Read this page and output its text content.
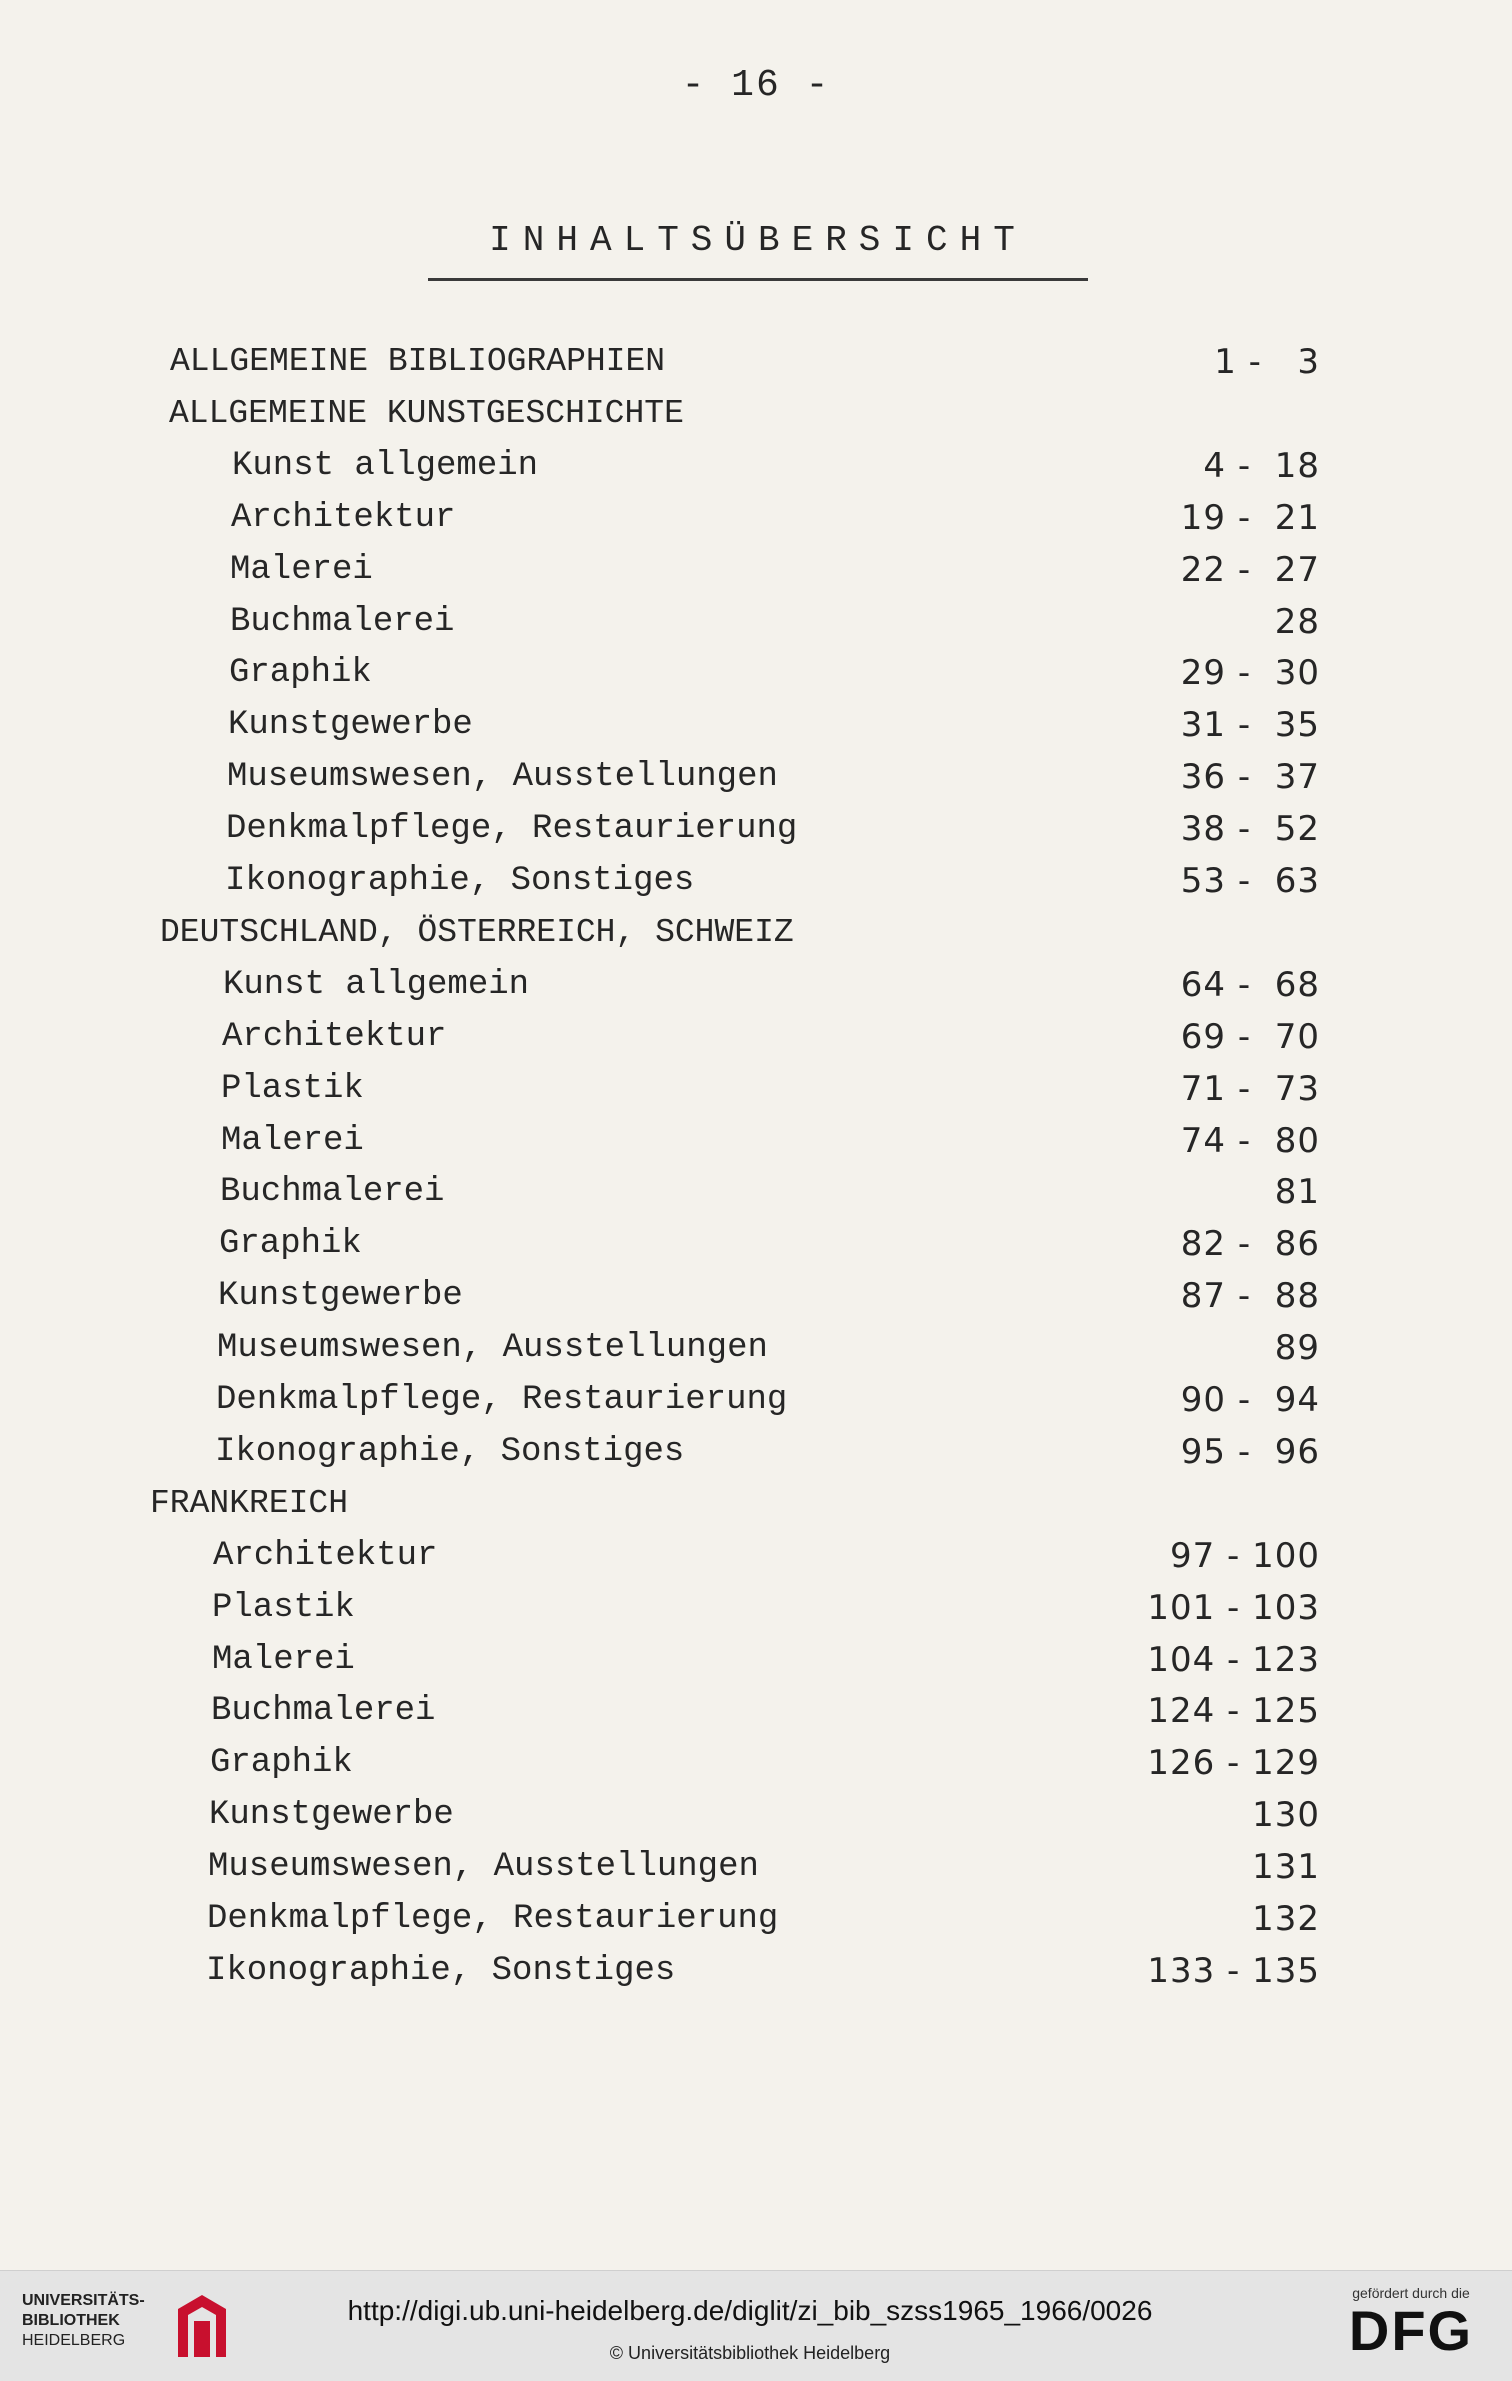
- 16 -
INHALTSÜBERSICHT
ALLGEMEINE BIBLIOGRAPHIEN	1 -   3
ALLGEMEINE KUNSTGESCHICHTE
Kunst allgemein	4 -  18
Architektur	19 -  21
Malerei	22 -  27
Buchmalerei	28
Graphik	29 -  30
Kunstgewerbe	31 -  35
Museumswesen, Ausstellungen	36 -  37
Denkmalpflege, Restaurierung	38 -  52
Ikonographie, Sonstiges	53 -  63
DEUTSCHLAND, ÖSTERREICH, SCHWEIZ
Kunst allgemein	64 -  68
Architektur	69 -  70
Plastik	71 -  73
Malerei	74 -  80
Buchmalerei	81
Graphik	82 -  86
Kunstgewerbe	87 -  88
Museumswesen, Ausstellungen	89
Denkmalpflege, Restaurierung	90 -  94
Ikonographie, Sonstiges	95 -  96
FRANKREICH
Architektur	97 - 100
Plastik	101 - 103
Malerei	104 - 123
Buchmalerei	124 - 125
Graphik	126 - 129
Kunstgewerbe	130
Museumswesen, Ausstellungen	131
Denkmalpflege, Restaurierung	132
Ikonographie, Sonstiges	133 - 135
UNIVERSITÄTS-
BIBLIOTHEK
HEIDELBERG
http://digi.ub.uni-heidelberg.de/diglit/zi_bib_szss1965_1966/0026
© Universitätsbibliothek Heidelberg
gefördert durch die
DFG
